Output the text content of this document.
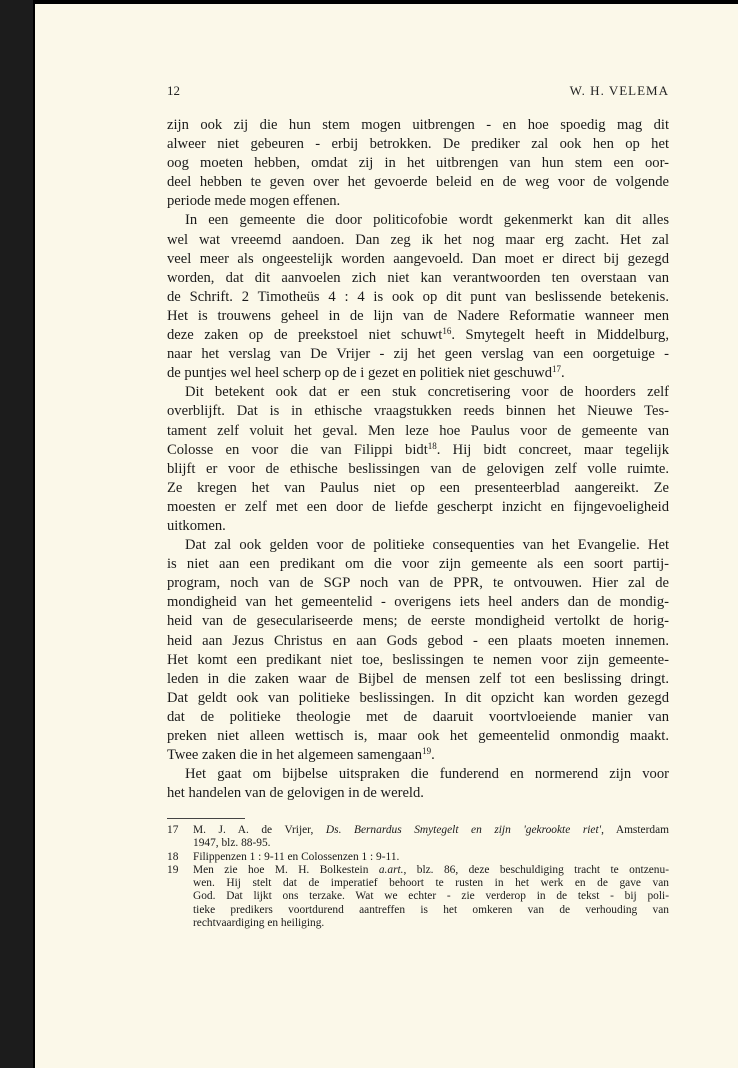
12	W. H. VELEMA

zijn ook zij die hun stem mogen uitbrengen - en hoe spoedig mag dit
alweer niet gebeuren - erbij betrokken. De prediker zal ook hen op het
oog moeten hebben, omdat zij in het uitbrengen van hun stem een oor-
deel hebben te geven over het gevoerde beleid en de weg voor de volgende
periode mede mogen effenen.

In een gemeente die door politicofobie wordt gekenmerkt kan dit alles
wel wat vreeemd aandoen. Dan zeg ik het nog maar erg zacht. Het zal
veel meer als ongeestelijk worden aangevoeld. Dan moet er direct bij gezegd
worden, dat dit aanvoelen zich niet kan verantwoorden ten overstaan van
de Schrift. 2 Timotheüs 4 : 4 is ook op dit punt van beslissende betekenis.
Het is trouwens geheel in de lijn van de Nadere Reformatie wanneer men
deze zaken op de preekstoel niet schuwt$^{16}$. Smytegelt heeft in Middelburg,
naar het verslag van De Vrijer - zij het geen verslag van een oorgetuige -
de puntjes wel heel scherp op de i gezet en politiek niet geschuwd$^{17}$.

Dit betekent ook dat er een stuk concretisering voor de hoorders zelf
overblijft. Dat is in ethische vraagstukken reeds binnen het Nieuwe Tes-
tament zelf voluit het geval. Men leze hoe Paulus voor de gemeente van
Colosse en voor die van Filippi bidt$^{18}$. Hij bidt concreet, maar tegelijk
blijft er voor de ethische beslissingen van de gelovigen zelf volle ruimte.
Ze kregen het van Paulus niet op een presenteerblad aangereikt. Ze
moesten er zelf met een door de liefde gescherpt inzicht en fijngevoeligheid
uitkomen.

Dat zal ook gelden voor de politieke consequenties van het Evangelie. Het
is niet aan een predikant om die voor zijn gemeente als een soort partij-
program, noch van de SGP noch van de PPR, te ontvouwen. Hier zal de
mondigheid van het gemeentelid - overigens iets heel anders dan de mondig-
heid van de geseculariseerde mens; de eerste mondigheid vertolkt de horig-
heid aan Jezus Christus en aan Gods gebod - een plaats moeten innemen.
Het komt een predikant niet toe, beslissingen te nemen voor zijn gemeente-
leden in die zaken waar de Bijbel de mensen zelf tot een beslissing dringt.
Dat geldt ook van politieke beslissingen. In dit opzicht kan worden gezegd
dat de politieke theologie met de daaruit voortvloeiende manier van
preken niet alleen wettisch is, maar ook het gemeentelid onmondig maakt.
Twee zaken die in het algemeen samengaan$^{19}$.

Het gaat om bijbelse uitspraken die funderend en normerend zijn voor
het handelen van de gelovigen in de wereld.

17 M. J. A. de Vrijer, Ds. Bernardus Smytegelt en zijn 'gekrookte riet', Amsterdam
1947, blz. 88-95.
18 Filippenzen 1 : 9-11 en Colossenzen 1 : 9-11.
19 Men zie hoe M. H. Bolkestein a.art., blz. 86, deze beschuldiging tracht te ontzenu-
wen. Hij stelt dat de imperatief behoort te rusten in het werk en de gave van
God. Dat lijkt ons terzake. Wat we echter - zie verderop in de tekst - bij poli-
tieke predikers voortdurend aantreffen is het omkeren van de verhouding van
rechtvaardiging en heiliging.
